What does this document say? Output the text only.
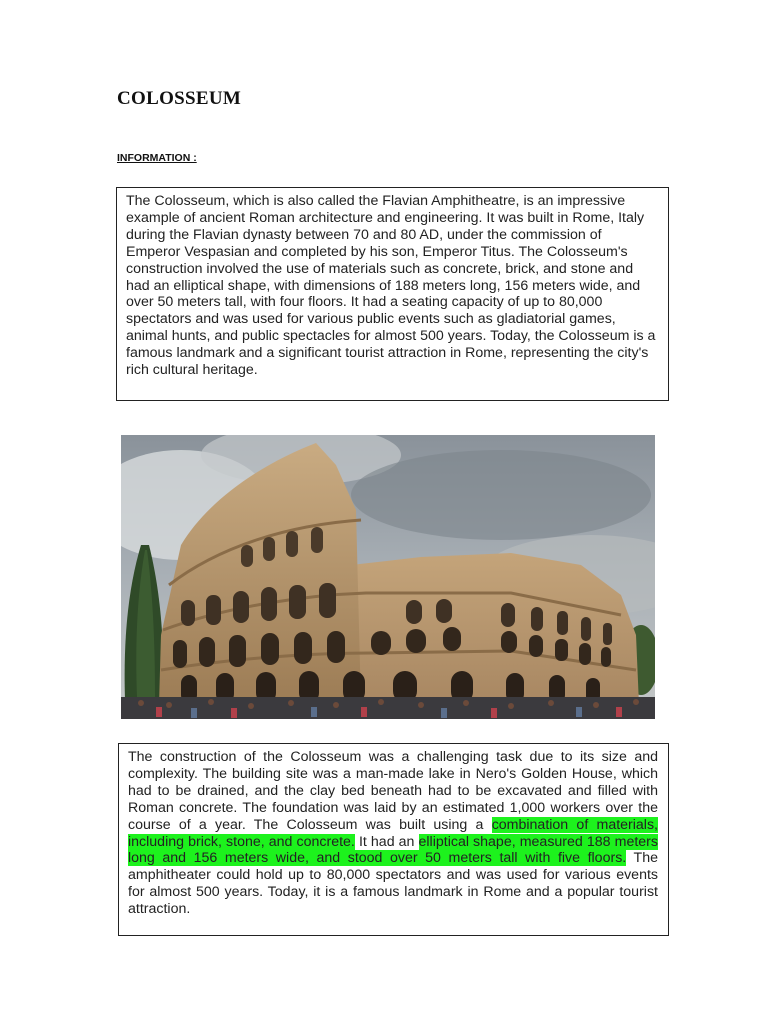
COLOSSEUM
INFORMATION :
The Colosseum, which is also called the Flavian Amphitheatre, is an impressive example of ancient Roman architecture and engineering. It was built in Rome, Italy during the Flavian dynasty between 70 and 80 AD, under the commission of Emperor Vespasian and completed by his son, Emperor Titus. The Colosseum's construction involved the use of materials such as concrete, brick, and stone and had an elliptical shape, with dimensions of 188 meters long, 156 meters wide, and over 50 meters tall, with four floors. It had a seating capacity of up to 80,000 spectators and was used for various public events such as gladiatorial games, animal hunts, and public spectacles for almost 500 years. Today, the Colosseum is a famous landmark and a significant tourist attraction in Rome, representing the city's rich cultural heritage.
The construction of the Colosseum was a challenging task due to its size and complexity. The building site was a man-made lake in Nero's Golden House, which had to be drained, and the clay bed beneath had to be excavated and filled with Roman concrete. The foundation was laid by an estimated 1,000 workers over the course of a year. The Colosseum was built using a combination of materials, including brick, stone, and concrete. It had an elliptical shape, measured 188 meters long and 156 meters wide, and stood over 50 meters tall with five floors. The amphitheater could hold up to 80,000 spectators and was used for various events for almost 500 years. Today, it is a famous landmark in Rome and a popular tourist attraction.
